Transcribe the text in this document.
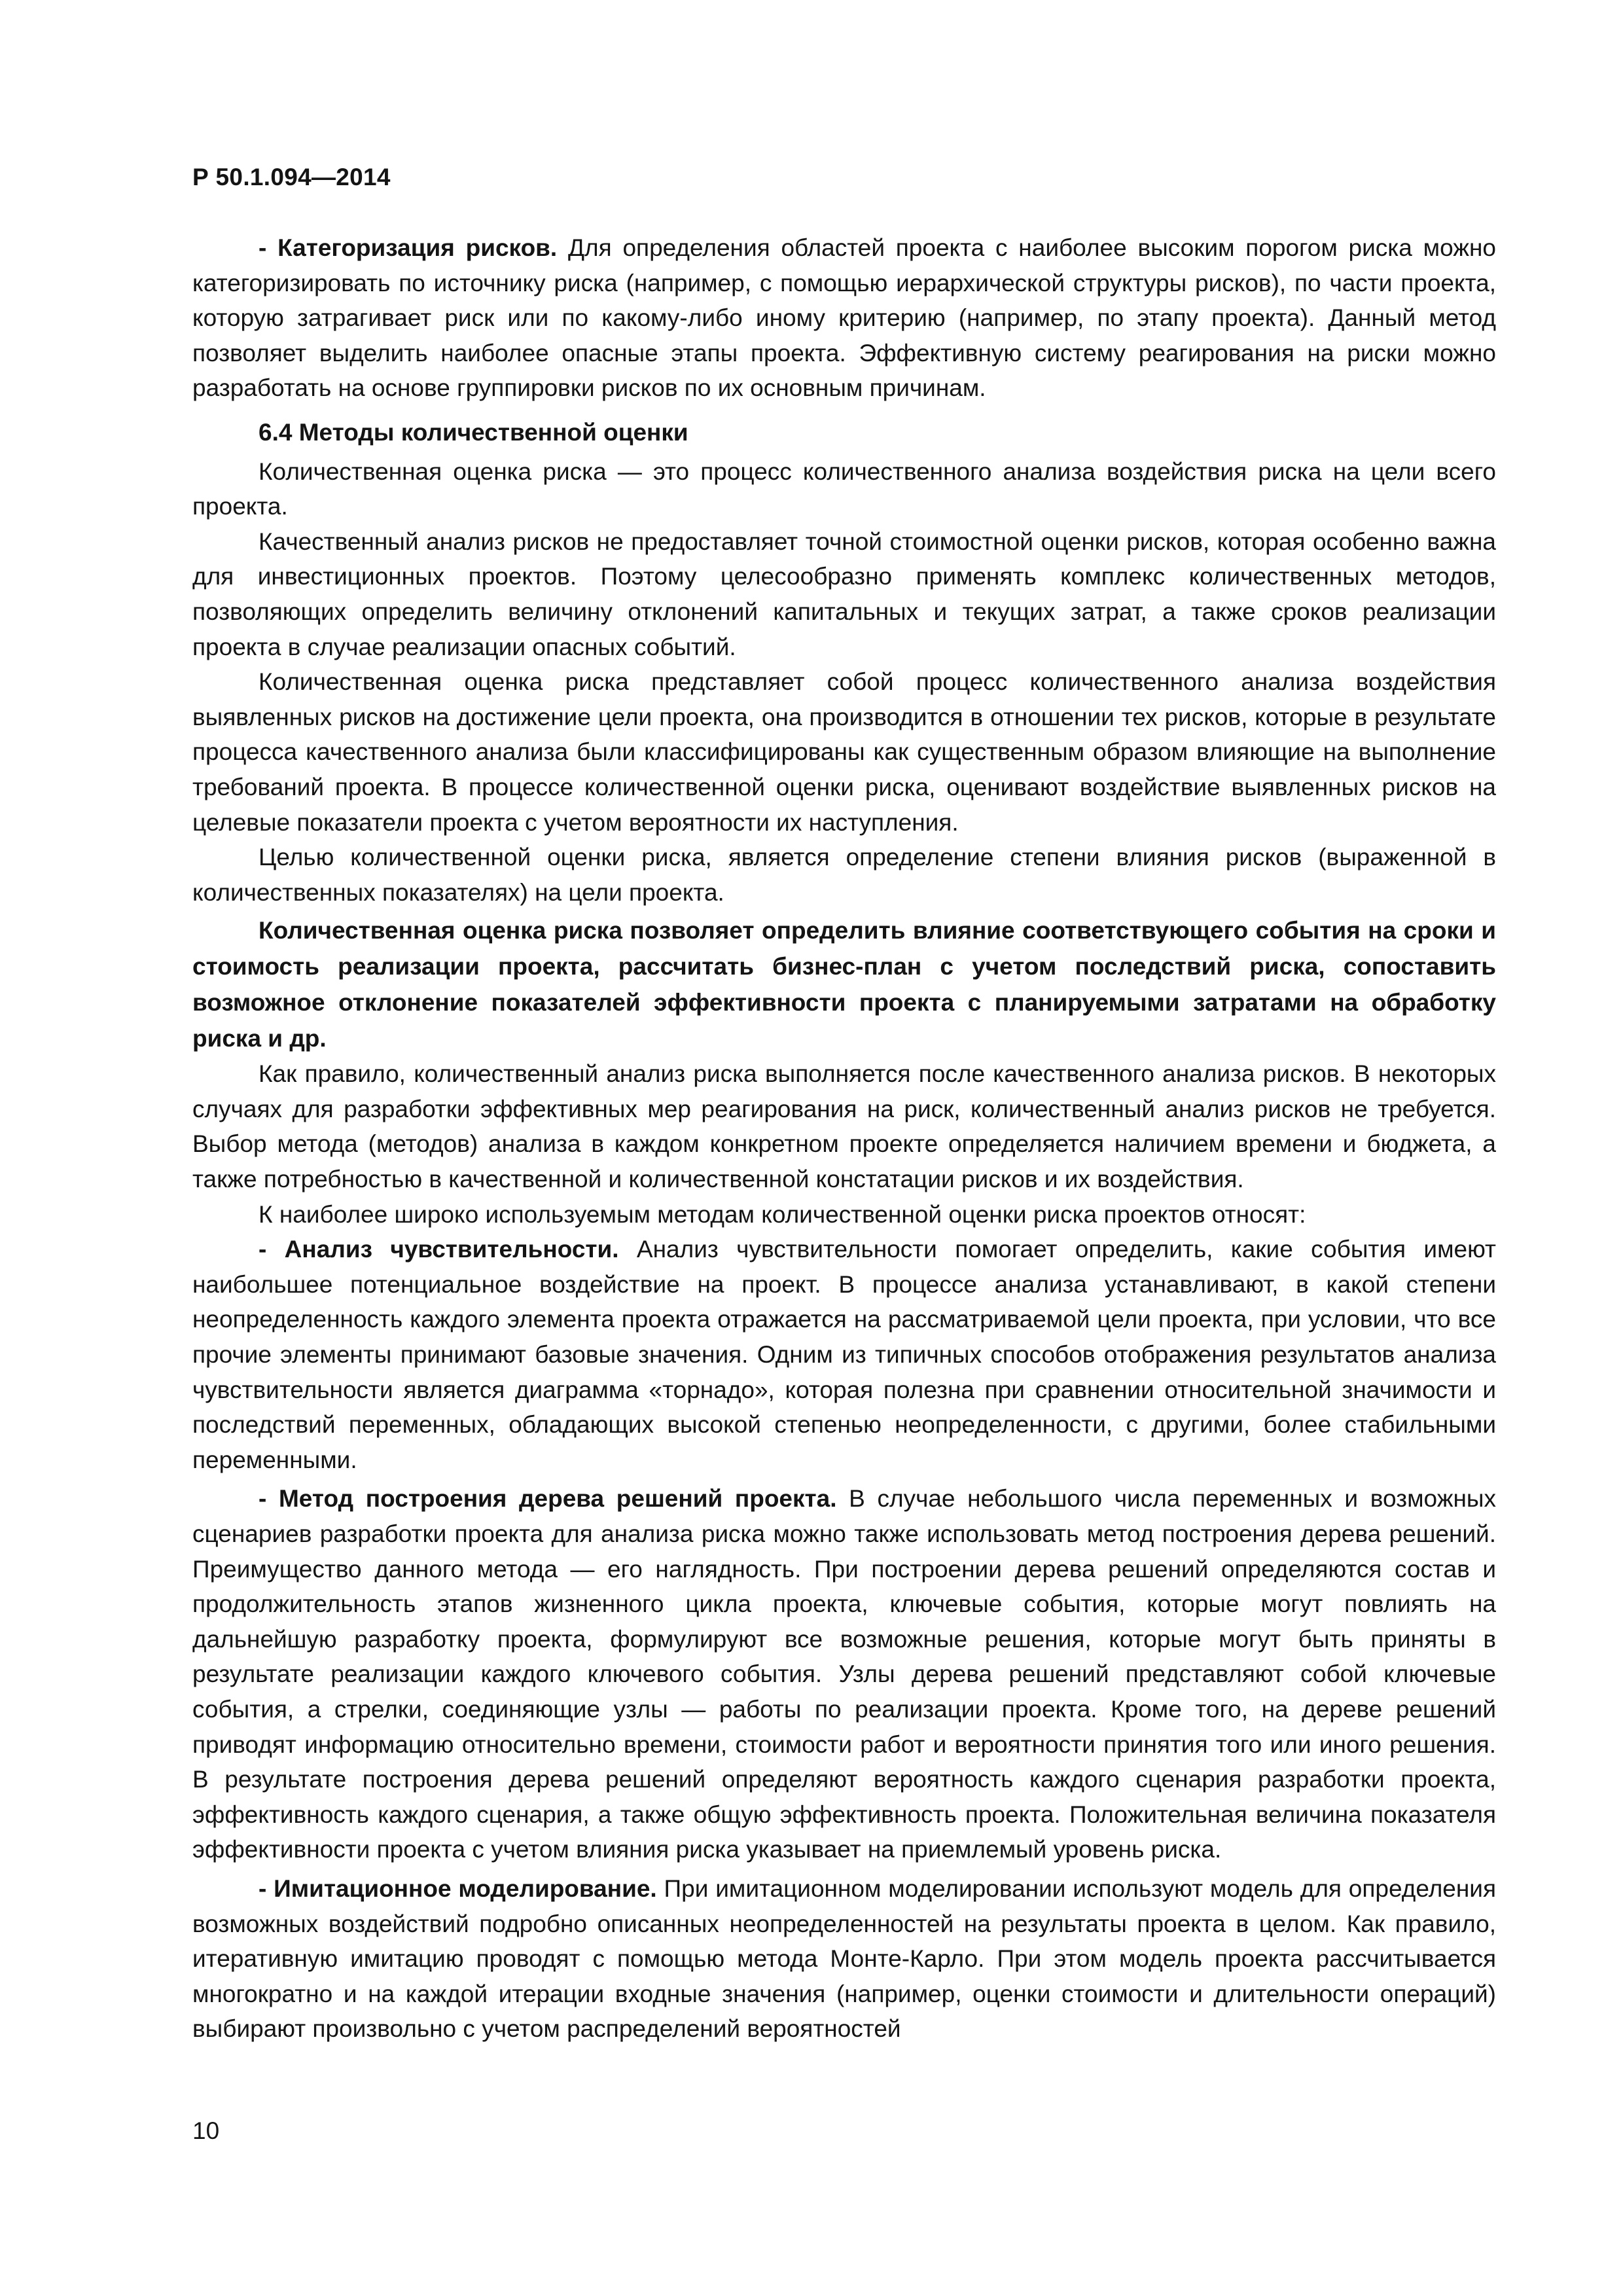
Р 50.1.094—2014

- Категоризация рисков. Для определения областей проекта с наиболее высоким порогом риска можно категоризировать по источнику риска (например, с помощью иерархической структуры рисков), по части проекта, которую затрагивает риск или по какому-либо иному критерию (например, по этапу проекта). Данный метод позволяет выделить наиболее опасные этапы проекта. Эффективную систему реагирования на риски можно разработать на основе группировки рисков по их основным причинам.

6.4 Методы количественной оценки

Количественная оценка риска — это процесс количественного анализа воздействия риска на цели всего проекта.

Качественный анализ рисков не предоставляет точной стоимостной оценки рисков, которая особенно важна для инвестиционных проектов. Поэтому целесообразно применять комплекс количественных методов, позволяющих определить величину отклонений капитальных и текущих затрат, а также сроков реализации проекта в случае реализации опасных событий.

Количественная оценка риска представляет собой процесс количественного анализа воздействия выявленных рисков на достижение цели проекта, она производится в отношении тех рисков, которые в результате процесса качественного анализа были классифицированы как существенным образом влияющие на выполнение требований проекта. В процессе количественной оценки риска, оценивают воздействие выявленных рисков на целевые показатели проекта с учетом вероятности их наступления.

Целью количественной оценки риска, является определение степени влияния рисков (выраженной в количественных показателях) на цели проекта.

Количественная оценка риска позволяет определить влияние соответствующего события на сроки и стоимость реализации проекта, рассчитать бизнес-план с учетом последствий риска, сопоставить возможное отклонение показателей эффективности проекта с планируемыми затратами на обработку риска и др.

Как правило, количественный анализ риска выполняется после качественного анализа рисков. В некоторых случаях для разработки эффективных мер реагирования на риск, количественный анализ рисков не требуется. Выбор метода (методов) анализа в каждом конкретном проекте определяется наличием времени и бюджета, а также потребностью в качественной и количественной констатации рисков и их воздействия.

К наиболее широко используемым методам количественной оценки риска проектов относят:

- Анализ чувствительности. Анализ чувствительности помогает определить, какие события имеют наибольшее потенциальное воздействие на проект. В процессе анализа устанавливают, в какой степени неопределенность каждого элемента проекта отражается на рассматриваемой цели проекта, при условии, что все прочие элементы принимают базовые значения. Одним из типичных способов отображения результатов анализа чувствительности является диаграмма «торнадо», которая полезна при сравнении относительной значимости и последствий переменных, обладающих высокой степенью неопределенности, с другими, более стабильными переменными.

- Метод построения дерева решений проекта. В случае небольшого числа переменных и возможных сценариев разработки проекта для анализа риска можно также использовать метод построения дерева решений. Преимущество данного метода — его наглядность. При построении дерева решений определяются состав и продолжительность этапов жизненного цикла проекта, ключевые события, которые могут повлиять на дальнейшую разработку проекта, формулируют все возможные решения, которые могут быть приняты в результате реализации каждого ключевого события. Узлы дерева решений представляют собой ключевые события, а стрелки, соединяющие узлы — работы по реализации проекта. Кроме того, на дереве решений приводят информацию относительно времени, стоимости работ и вероятности принятия того или иного решения. В результате построения дерева решений определяют вероятность каждого сценария разработки проекта, эффективность каждого сценария, а также общую эффективность проекта. Положительная величина показателя эффективности проекта с учетом влияния риска указывает на приемлемый уровень риска.

- Имитационное моделирование. При имитационном моделировании используют модель для определения возможных воздействий подробно описанных неопределенностей на результаты проекта в целом. Как правило, итеративную имитацию проводят с помощью метода Монте-Карло. При этом модель проекта рассчитывается многократно и на каждой итерации входные значения (например, оценки стоимости и длительности операций) выбирают произвольно с учетом распределений вероятностей

10
